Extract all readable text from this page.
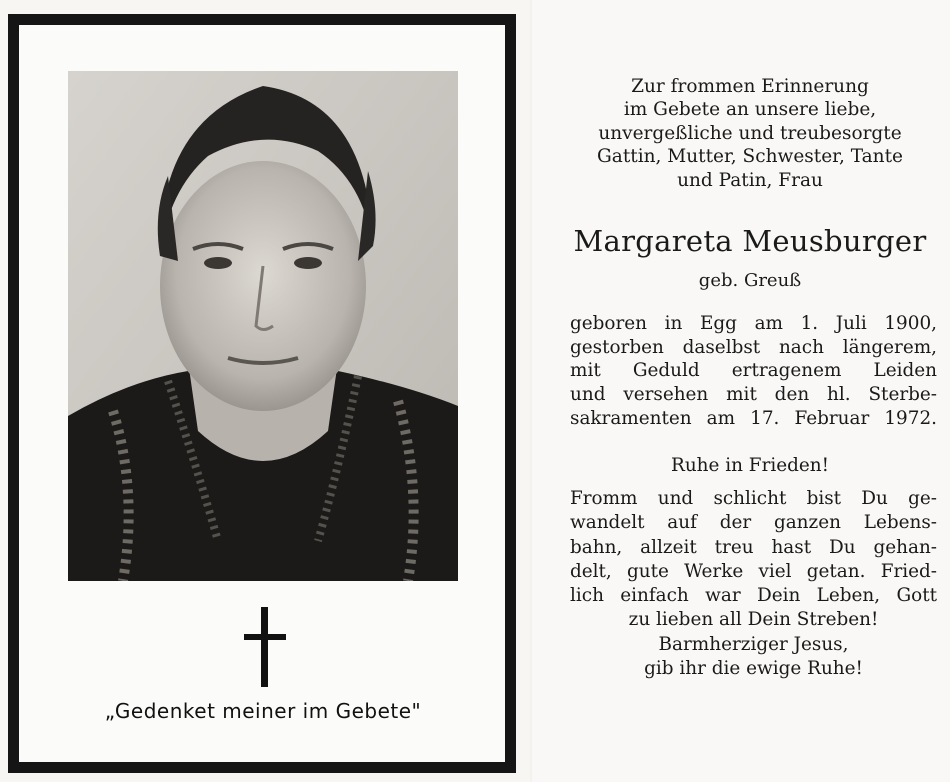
„Gedenket meiner im Gebete"
Zur frommen Erinnerung
im Gebete an unsere liebe,
unvergeßliche und treubesorgte
Gattin, Mutter, Schwester, Tante
und Patin, Frau
Margareta Meusburger
geb. Greuß
geboren in Egg am 1. Juli 1900,
gestorben daselbst nach längerem,
mit Geduld ertragenem Leiden
und versehen mit den hl. Sterbe-
sakramenten am 17. Februar 1972.
Ruhe in Frieden!
Fromm und schlicht bist Du ge-
wandelt auf der ganzen Lebens-
bahn, allzeit treu hast Du gehan-
delt, gute Werke viel getan. Fried-
lich einfach war Dein Leben, Gott
zu lieben all Dein Streben!
Barmherziger Jesus,
gib ihr die ewige Ruhe!
